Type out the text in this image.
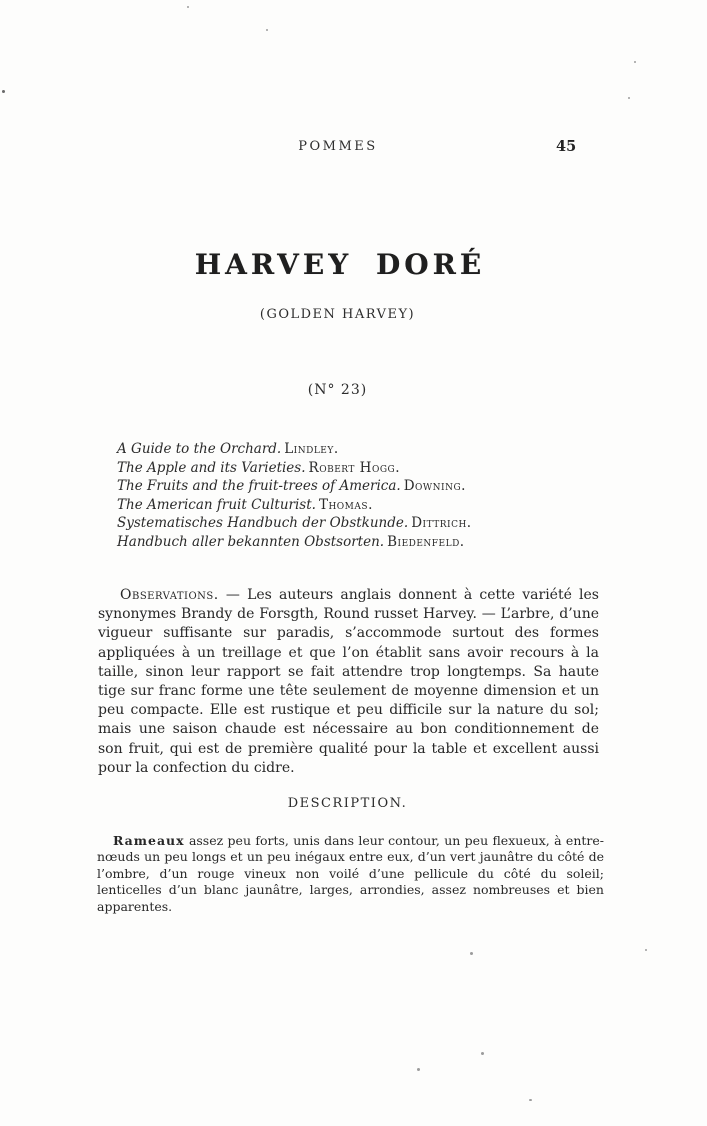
POMMES	45
HARVEY DORÉ
(GOLDEN HARVEY)
(N° 23)
A Guide to the Orchard. Lindley.
The Apple and its Varieties. Robert Hogg.
The Fruits and the fruit-trees of America. Downing.
The American fruit Culturist. Thomas.
Systematisches Handbuch der Obstkunde. Dittrich.
Handbuch aller bekannten Obstsorten. Biedenfeld.

Observations. — Les auteurs anglais donnent à cette variété les synonymes Brandy de Forsgth, Round russet Harvey. — L’arbre, d’une vigueur suffisante sur paradis, s’accommode surtout des formes appliquées à un treillage et que l’on établit sans avoir recours à la taille, sinon leur rapport se fait attendre trop longtemps. Sa haute tige sur franc forme une tête seulement de moyenne dimension et un peu compacte. Elle est rustique et peu difficile sur la nature du sol; mais une saison chaude est nécessaire au bon conditionnement de son fruit, qui est de première qualité pour la table et excellent aussi pour la confection du cidre.

DESCRIPTION.

Rameaux assez peu forts, unis dans leur contour, un peu flexueux, à entre-nœuds un peu longs et un peu inégaux entre eux, d’un vert jaunâtre du côté de l’ombre, d’un rouge vineux non voilé d’une pellicule du côté du soleil; lenticelles d’un blanc jaunâtre, larges, arrondies, assez nombreuses et bien apparentes.
